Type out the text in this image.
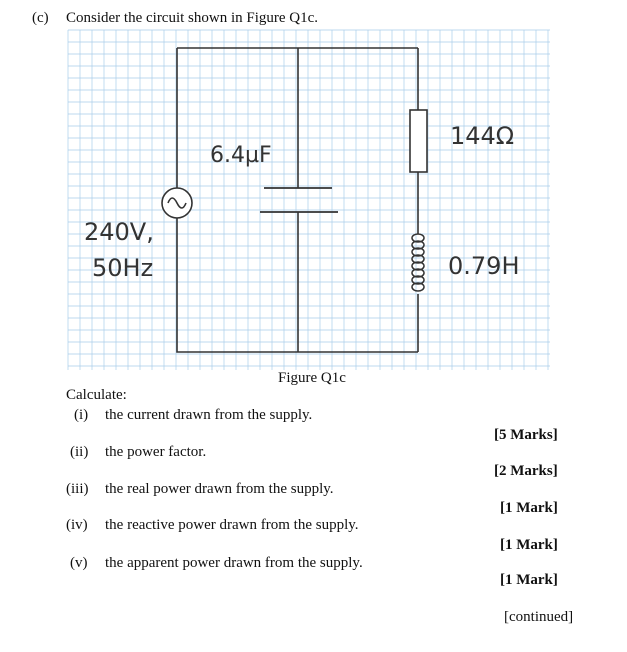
(c) Consider the circuit shown in Figure Q1c.
6.4µF
240V,
50Hz
144Ω
0.79H
Figure Q1c
Calculate:
(i) the current drawn from the supply.
[5 Marks]
(ii) the power factor.
[2 Marks]
(iii) the real power drawn from the supply.
[1 Mark]
(iv) the reactive power drawn from the supply.
[1 Mark]
(v) the apparent power drawn from the supply.
[1 Mark]
[continued]
